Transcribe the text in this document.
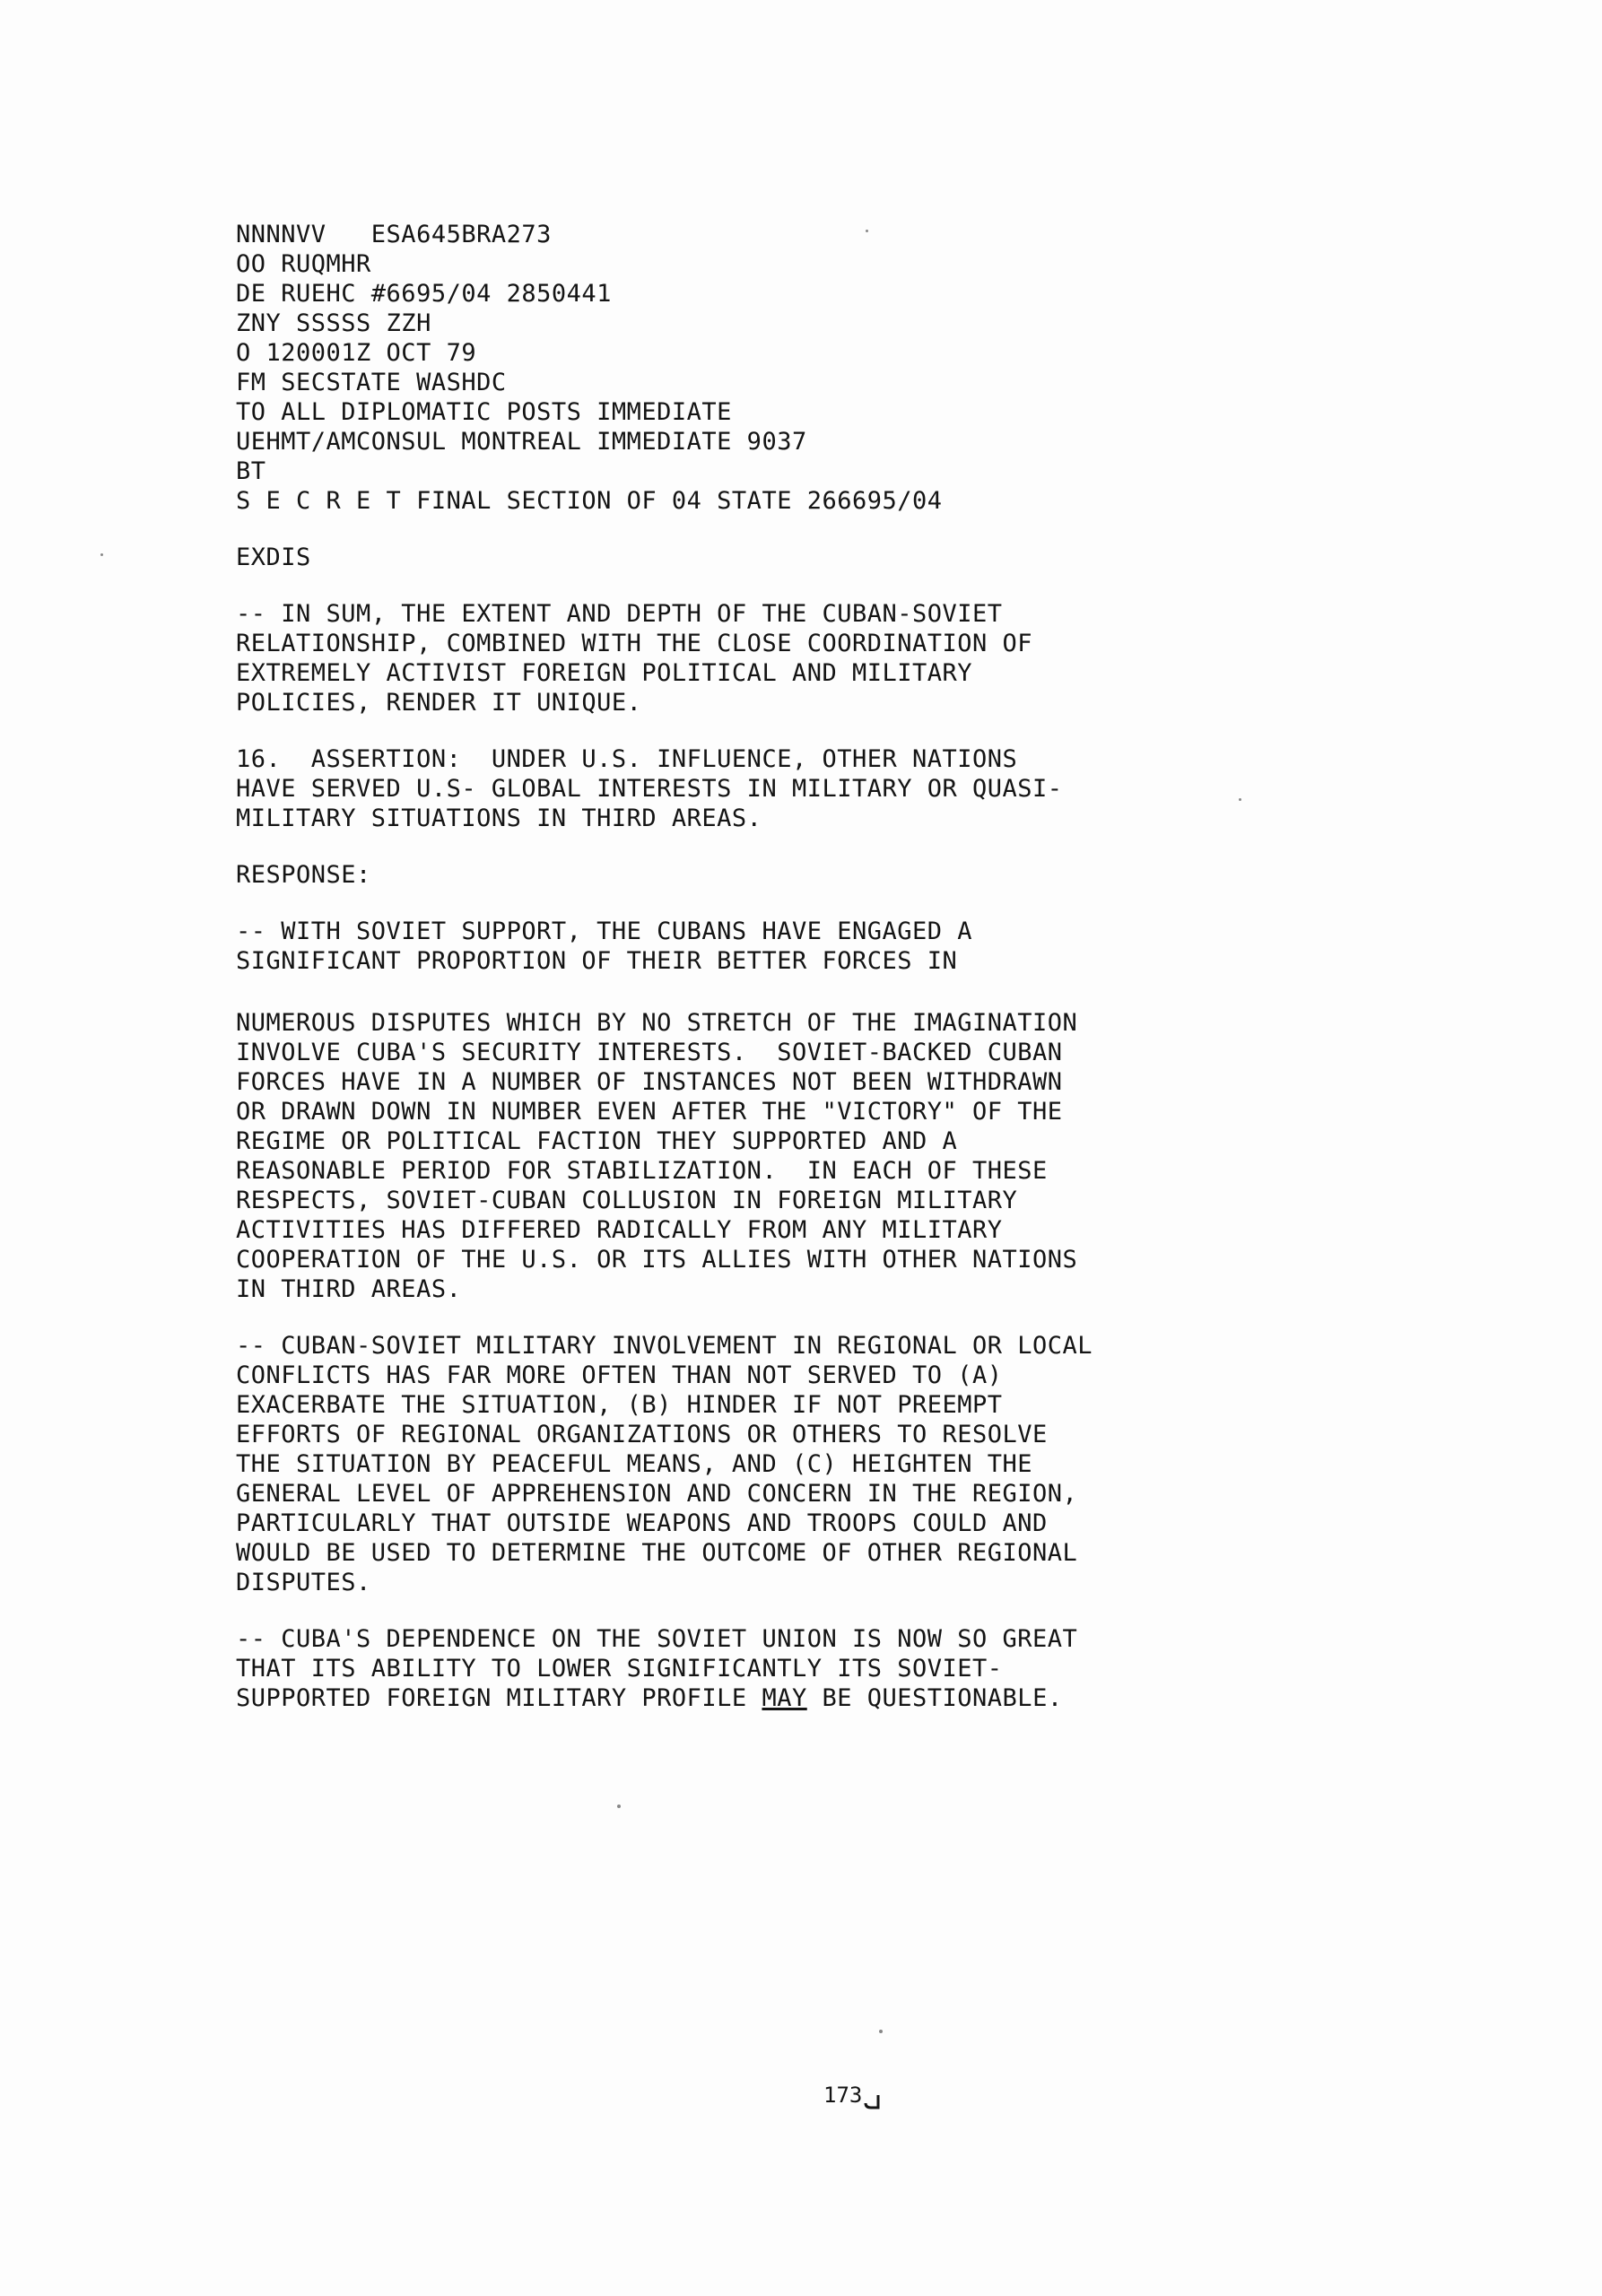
NNNNVV   ESA645BRA273
OO RUQMHR
DE RUEHC #6695/04 2850441
ZNY SSSSS ZZH
O 120001Z OCT 79
FM SECSTATE WASHDC
TO ALL DIPLOMATIC POSTS IMMEDIATE
UEHMT/AMCONSUL MONTREAL IMMEDIATE 9037
BT
S E C R E T FINAL SECTION OF 04 STATE 266695/04
EXDIS
-- IN SUM, THE EXTENT AND DEPTH OF THE CUBAN-SOVIET
RELATIONSHIP, COMBINED WITH THE CLOSE COORDINATION OF
EXTREMELY ACTIVIST FOREIGN POLITICAL AND MILITARY
POLICIES, RENDER IT UNIQUE.
16.  ASSERTION:  UNDER U.S. INFLUENCE, OTHER NATIONS
HAVE SERVED U.S- GLOBAL INTERESTS IN MILITARY OR QUASI-
MILITARY SITUATIONS IN THIRD AREAS.
RESPONSE:
-- WITH SOVIET SUPPORT, THE CUBANS HAVE ENGAGED A
SIGNIFICANT PROPORTION OF THEIR BETTER FORCES IN
NUMEROUS DISPUTES WHICH BY NO STRETCH OF THE IMAGINATION
INVOLVE CUBA'S SECURITY INTERESTS.  SOVIET-BACKED CUBAN
FORCES HAVE IN A NUMBER OF INSTANCES NOT BEEN WITHDRAWN
OR DRAWN DOWN IN NUMBER EVEN AFTER THE "VICTORY" OF THE
REGIME OR POLITICAL FACTION THEY SUPPORTED AND A
REASONABLE PERIOD FOR STABILIZATION.  IN EACH OF THESE
RESPECTS, SOVIET-CUBAN COLLUSION IN FOREIGN MILITARY
ACTIVITIES HAS DIFFERED RADICALLY FROM ANY MILITARY
COOPERATION OF THE U.S. OR ITS ALLIES WITH OTHER NATIONS
IN THIRD AREAS.
-- CUBAN-SOVIET MILITARY INVOLVEMENT IN REGIONAL OR LOCAL
CONFLICTS HAS FAR MORE OFTEN THAN NOT SERVED TO (A)
EXACERBATE THE SITUATION, (B) HINDER IF NOT PREEMPT
EFFORTS OF REGIONAL ORGANIZATIONS OR OTHERS TO RESOLVE
THE SITUATION BY PEACEFUL MEANS, AND (C) HEIGHTEN THE
GENERAL LEVEL OF APPREHENSION AND CONCERN IN THE REGION,
PARTICULARLY THAT OUTSIDE WEAPONS AND TROOPS COULD AND
WOULD BE USED TO DETERMINE THE OUTCOME OF OTHER REGIONAL
DISPUTES.
-- CUBA'S DEPENDENCE ON THE SOVIET UNION IS NOW SO GREAT
THAT ITS ABILITY TO LOWER SIGNIFICANTLY ITS SOVIET-
SUPPORTED FOREIGN MILITARY PROFILE MAY BE QUESTIONABLE.
173
